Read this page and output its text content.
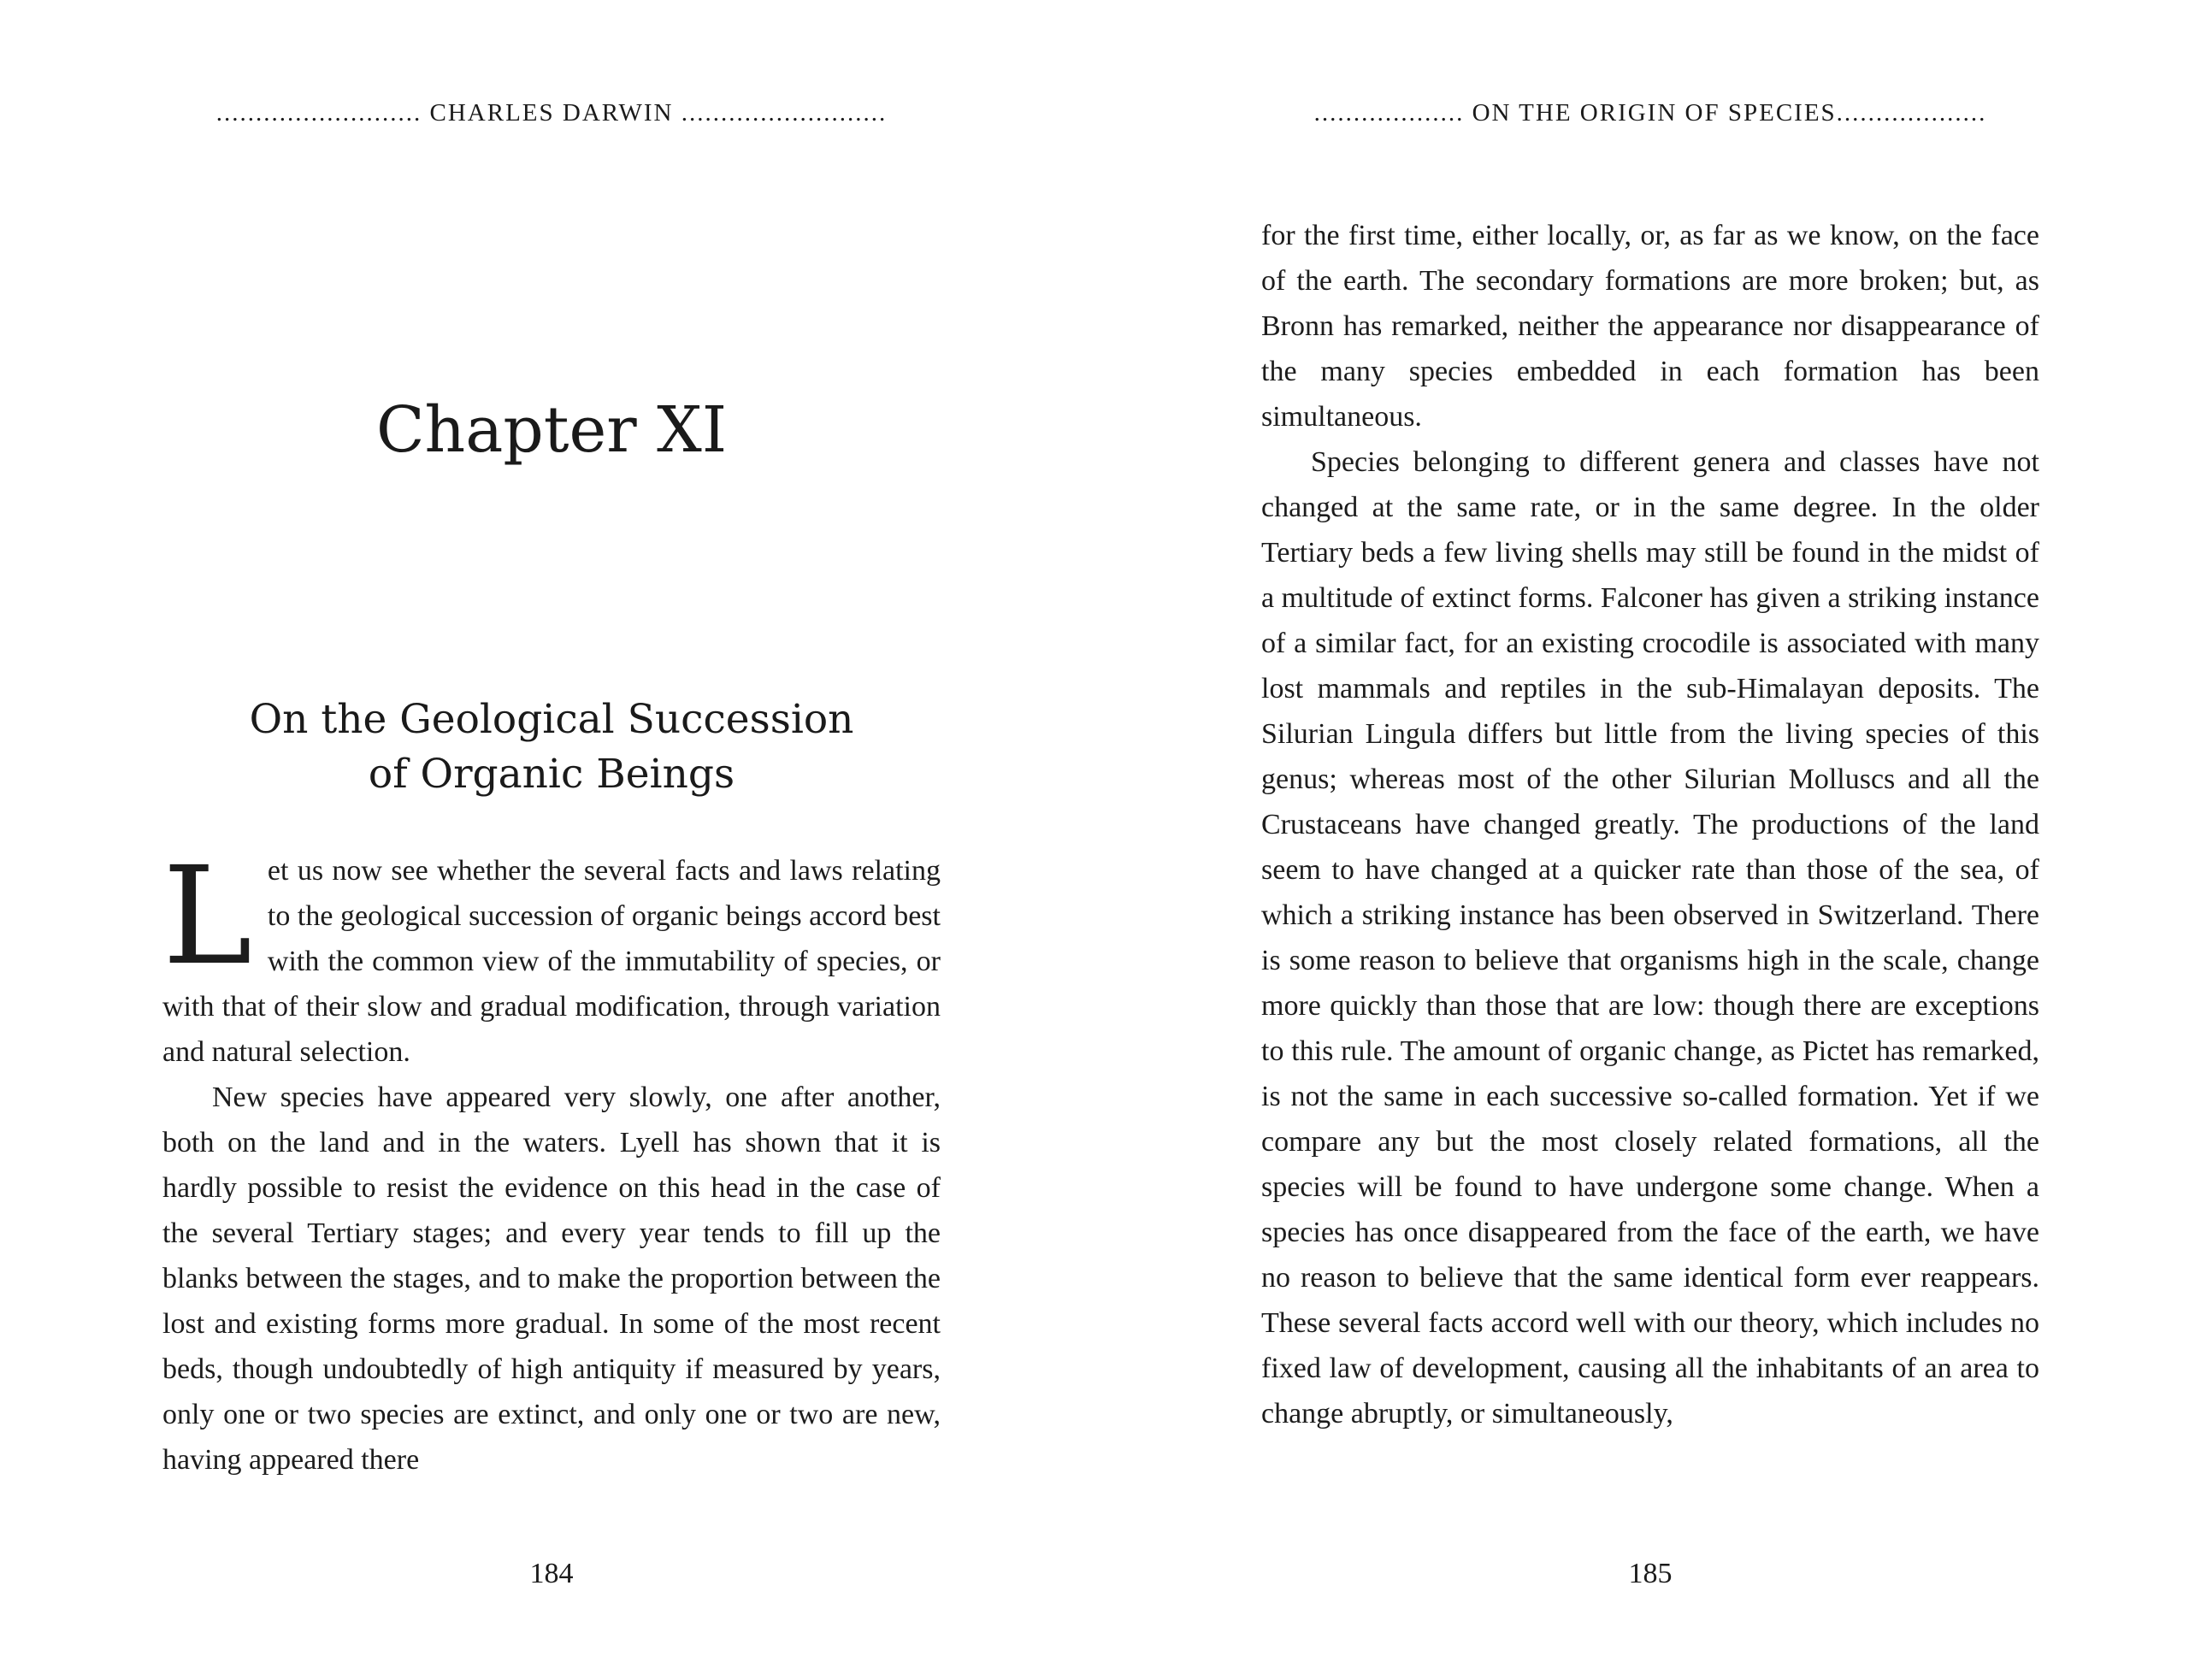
.......................... CHARLES DARWIN ..........................
Chapter XI
On the Geological Succession
of Organic Beings

Let us now see whether the several facts and laws relating to the geological succession of organic beings accord best with the common view of the immutability of species, or with that of their slow and gradual modification, through variation and natural selection.

New species have appeared very slowly, one after another, both on the land and in the waters. Lyell has shown that it is hardly possible to resist the evidence on this head in the case of the several Tertiary stages; and every year tends to fill up the blanks between the stages, and to make the proportion between the lost and existing forms more gradual. In some of the most recent beds, though undoubtedly of high antiquity if measured by years, only one or two species are extinct, and only one or two are new, having appeared there

184
................... ON THE ORIGIN OF SPECIES...................

for the first time, either locally, or, as far as we know, on the face of the earth. The secondary formations are more broken; but, as Bronn has remarked, neither the appearance nor disappearance of the many species embedded in each formation has been simultaneous.

Species belonging to different genera and classes have not changed at the same rate, or in the same degree. In the older Tertiary beds a few living shells may still be found in the midst of a multitude of extinct forms. Falconer has given a striking instance of a similar fact, for an existing crocodile is associated with many lost mammals and reptiles in the sub-Himalayan deposits. The Silurian Lingula differs but little from the living species of this genus; whereas most of the other Silurian Molluscs and all the Crustaceans have changed greatly. The productions of the land seem to have changed at a quicker rate than those of the sea, of which a striking instance has been observed in Switzerland. There is some reason to believe that organisms high in the scale, change more quickly than those that are low: though there are exceptions to this rule. The amount of organic change, as Pictet has remarked, is not the same in each successive so-called formation. Yet if we compare any but the most closely related formations, all the species will be found to have undergone some change. When a species has once disappeared from the face of the earth, we have no reason to believe that the same identical form ever reappears. These several facts accord well with our theory, which includes no fixed law of development, causing all the inhabitants of an area to change abruptly, or simultaneously,

185
